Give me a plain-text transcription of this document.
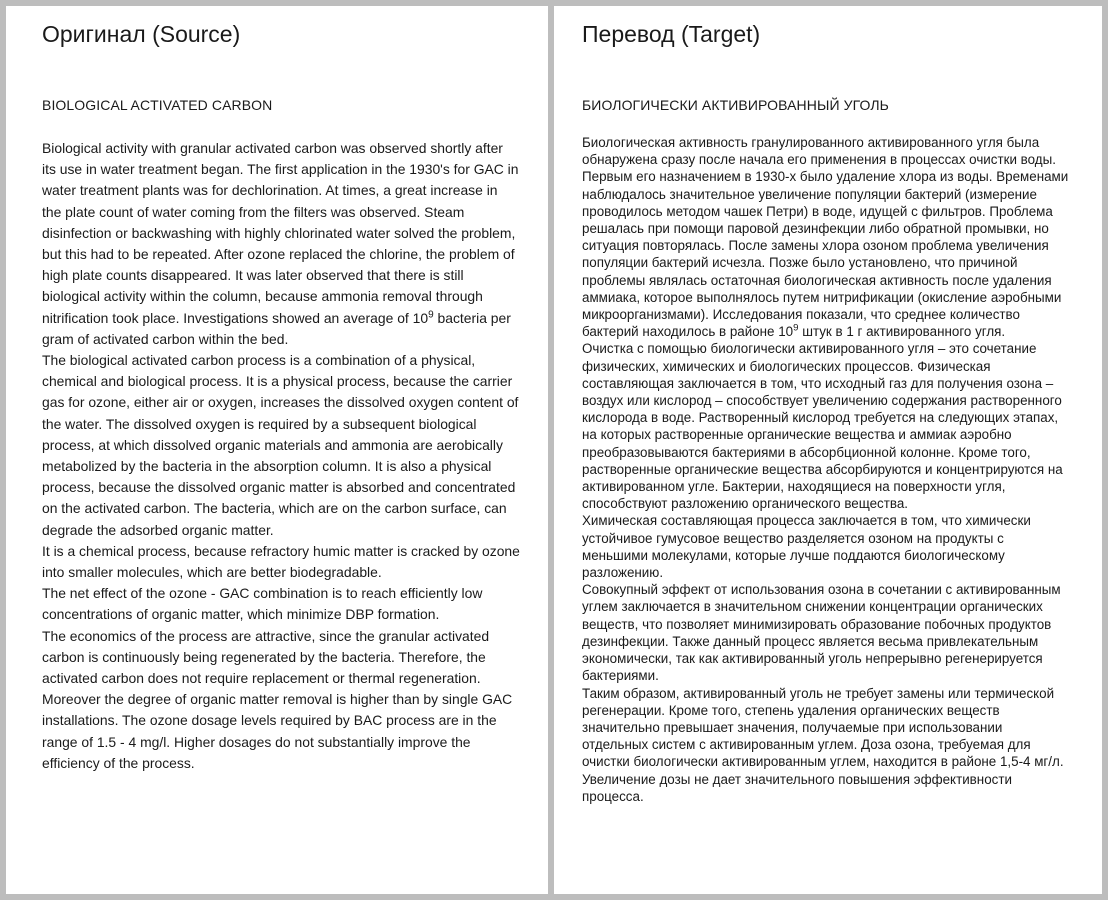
Оригинал (Source)
BIOLOGICAL ACTIVATED CARBON

Biological activity with granular activated carbon was observed shortly after its use in water treatment began. The first application in the 1930's for GAC in water treatment plants was for dechlorination. At times, a great increase in the plate count of water coming from the filters was observed. Steam disinfection or backwashing with highly chlorinated water solved the problem, but this had to be repeated. After ozone replaced the chlorine, the problem of high plate counts disappeared. It was later observed that there is still biological activity within the column, because ammonia removal through nitrification took place. Investigations showed an average of $10^9$ bacteria per gram of activated carbon within the bed.

The biological activated carbon process is a combination of a physical, chemical and biological process. It is a physical process, because the carrier gas for ozone, either air or oxygen, increases the dissolved oxygen content of the water. The dissolved oxygen is required by a subsequent biological process, at which dissolved organic materials and ammonia are aerobically metabolized by the bacteria in the absorption column. It is also a physical process, because the dissolved organic matter is absorbed and concentrated on the activated carbon. The bacteria, which are on the carbon surface, can degrade the adsorbed organic matter.

It is a chemical process, because refractory humic matter is cracked by ozone into smaller molecules, which are better biodegradable.

The net effect of the ozone - GAC combination is to reach efficiently low concentrations of organic matter, which minimize DBP formation.

The economics of the process are attractive, since the granular activated carbon is continuously being regenerated by the bacteria. Therefore, the activated carbon does not require replacement or thermal regeneration. Moreover the degree of organic matter removal is higher than by single GAC installations. The ozone dosage levels required by BAC process are in the range of 1.5 - 4 mg/l. Higher dosages do not substantially improve the efficiency of the process.

Перевод (Target)
БИОЛОГИЧЕСКИ АКТИВИРОВАННЫЙ УГОЛЬ

Биологическая активность гранулированного активированного угля была обнаружена сразу после начала его применения в процессах очистки воды. Первым его назначением в 1930-х было удаление хлора из воды. Временами наблюдалось значительное увеличение популяции бактерий (измерение проводилось методом чашек Петри) в воде, идущей с фильтров. Проблема решалась при помощи паровой дезинфекции либо обратной промывки, но ситуация повторялась. После замены хлора озоном проблема увеличения популяции бактерий исчезла. Позже было установлено, что причиной проблемы являлась остаточная биологическая активность после удаления аммиака, которое выполнялось путем нитрификации (окисление аэробными микроорганизмами). Исследования показали, что среднее количество бактерий находилось в районе $10^9$ штук в 1 г активированного угля.

Очистка с помощью биологически активированного угля – это сочетание физических, химических и биологических процессов. Физическая составляющая заключается в том, что исходный газ для получения озона – воздух или кислород – способствует увеличению содержания растворенного кислорода в воде. Растворенный кислород требуется на следующих этапах, на которых растворенные органические вещества и аммиак аэробно преобразовываются бактериями в абсорбционной колонне. Кроме того, растворенные органические вещества абсорбируются и концентрируются на активированном угле. Бактерии, находящиеся на поверхности угля, способствуют разложению органического вещества.

Химическая составляющая процесса заключается в том, что химически устойчивое гумусовое вещество разделяется озоном на продукты с меньшими молекулами, которые лучше поддаются биологическому разложению.

Совокупный эффект от использования озона в сочетании с активированным углем заключается в значительном снижении концентрации органических веществ, что позволяет минимизировать образование побочных продуктов дезинфекции. Также данный процесс является весьма привлекательным экономически, так как активированный уголь непрерывно регенерируется бактериями.

Таким образом, активированный уголь не требует замены или термической регенерации. Кроме того, степень удаления органических веществ значительно превышает значения, получаемые при использовании отдельных систем с активированным углем. Доза озона, требуемая для очистки биологически активированным углем, находится в районе 1,5-4 мг/л. Увеличение дозы не дает значительного повышения эффективности процесса.
